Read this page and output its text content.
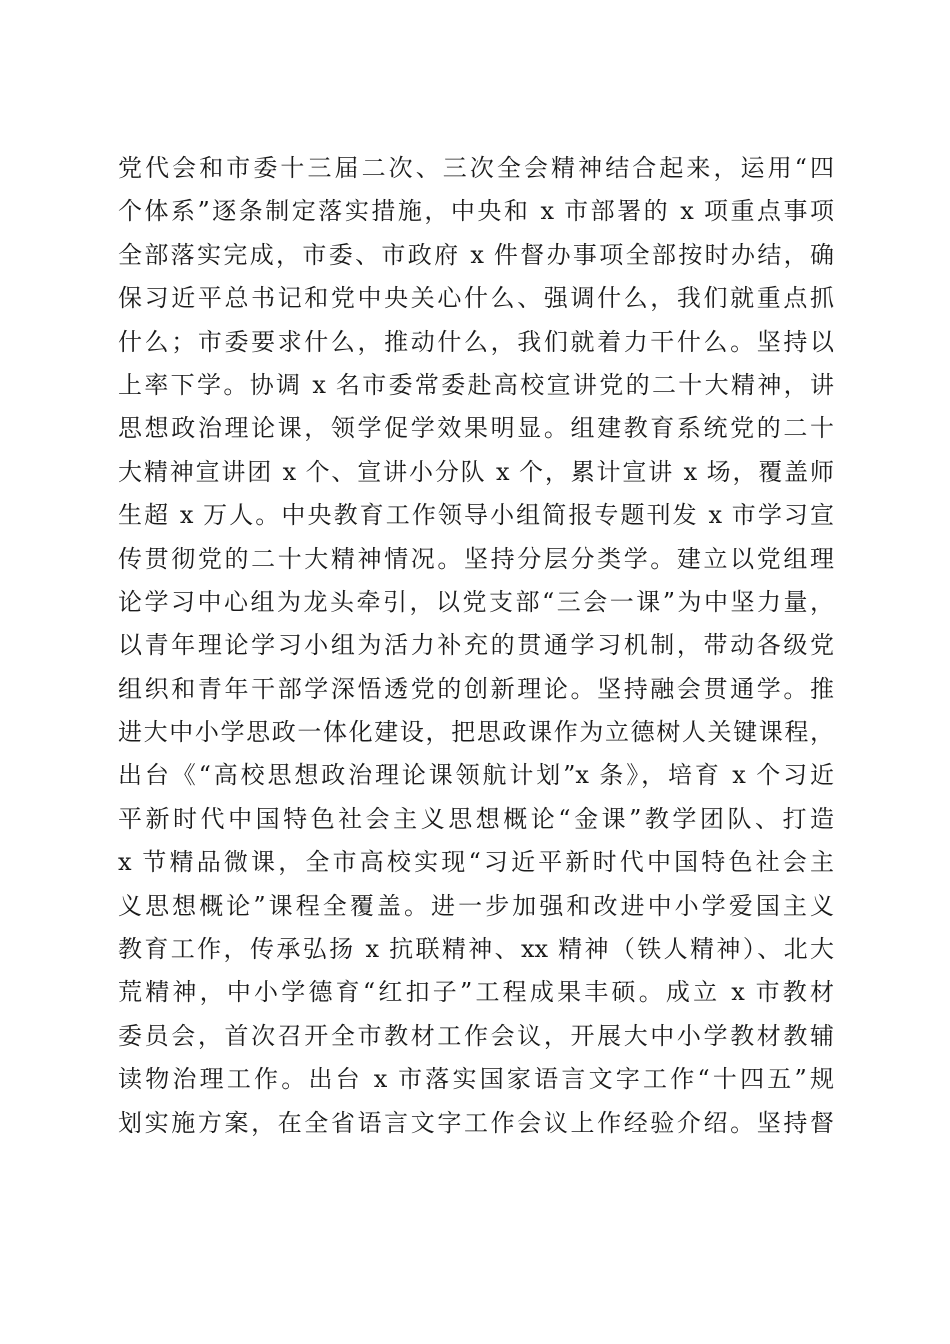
党代会和市委十三届二次、三次全会精神结合起来，运用“四
个体系”逐条制定落实措施，中央和 x 市部署的 x 项重点事项
全部落实完成，市委、市政府 x 件督办事项全部按时办结，确
保习近平总书记和党中央关心什么、强调什么，我们就重点抓
什么；市委要求什么，推动什么，我们就着力干什么。坚持以
上率下学。协调 x 名市委常委赴高校宣讲党的二十大精神，讲
思想政治理论课，领学促学效果明显。组建教育系统党的二十
大精神宣讲团 x 个、宣讲小分队 x 个，累计宣讲 x 场，覆盖师
生超 x 万人。中央教育工作领导小组简报专题刊发 x 市学习宣
传贯彻党的二十大精神情况。坚持分层分类学。建立以党组理
论学习中心组为龙头牵引，以党支部“三会一课”为中坚力量，
以青年理论学习小组为活力补充的贯通学习机制，带动各级党
组织和青年干部学深悟透党的创新理论。坚持融会贯通学。推
进大中小学思政一体化建设，把思政课作为立德树人关键课程，
出台《“高校思想政治理论课领航计划”x 条》，培育 x 个习近
平新时代中国特色社会主义思想概论“金课”教学团队、打造
x 节精品微课，全市高校实现“习近平新时代中国特色社会主
义思想概论”课程全覆盖。进一步加强和改进中小学爱国主义
教育工作，传承弘扬 x 抗联精神、xx 精神（铁人精神）、北大
荒精神，中小学德育“红扣子”工程成果丰硕。成立 x 市教材
委员会，首次召开全市教材工作会议，开展大中小学教材教辅
读物治理工作。出台 x 市落实国家语言文字工作“十四五”规
划实施方案，在全省语言文字工作会议上作经验介绍。坚持督
